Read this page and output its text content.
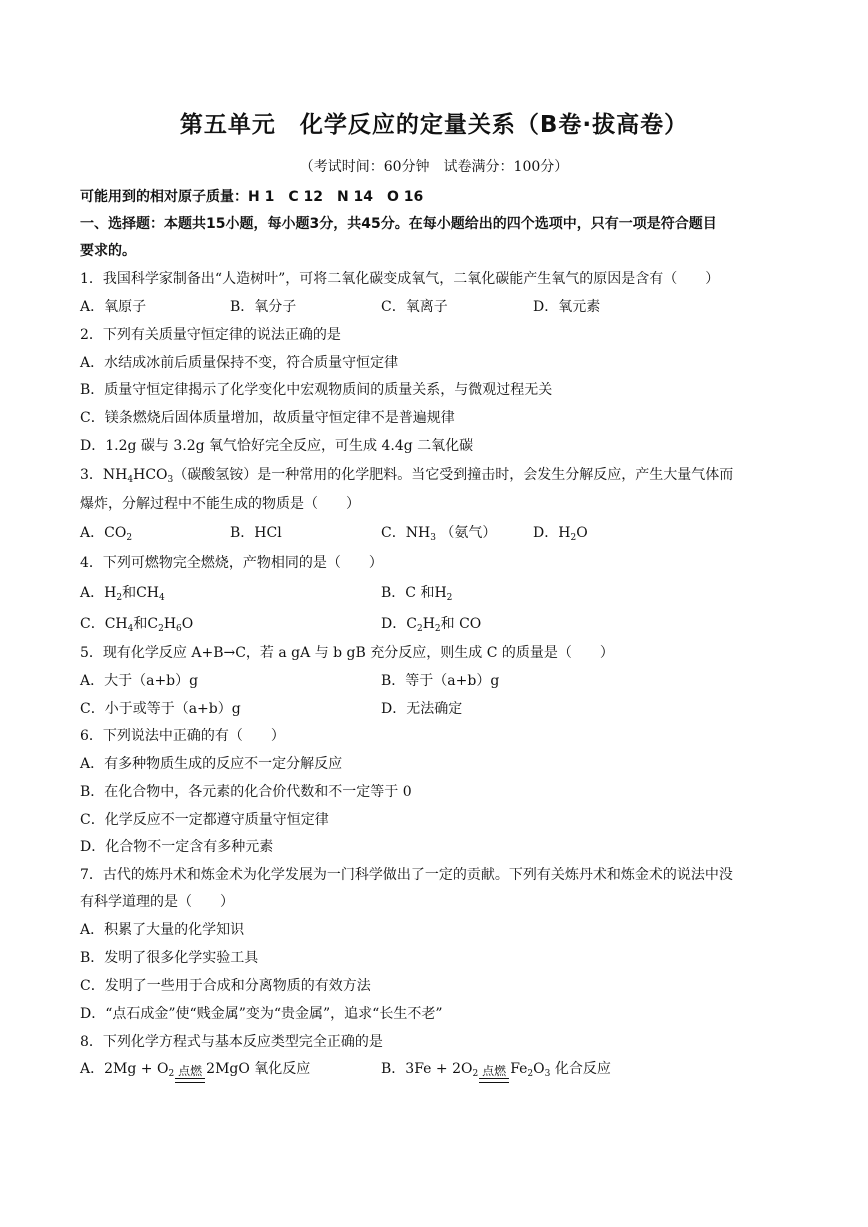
第五单元　化学反应的定量关系（B卷·拔高卷）
（考试时间：60分钟　试卷满分：100分）
可能用到的相对原子质量：H 1　C 12　N 14　O 16
一、选择题：本题共15小题，每小题3分，共45分。在每小题给出的四个选项中，只有一项是符合题目
要求的。
1．我国科学家制备出“人造树叶”，可将二氧化碳变成氧气，二氧化碳能产生氧气的原因是含有（　　）
A．氧原子	B．氧分子	C．氧离子	D．氧元素
2．下列有关质量守恒定律的说法正确的是
A．水结成冰前后质量保持不变，符合质量守恒定律
B．质量守恒定律揭示了化学变化中宏观物质间的质量关系，与微观过程无关
C．镁条燃烧后固体质量增加，故质量守恒定律不是普遍规律
D．1.2g 碳与 3.2g 氧气恰好完全反应，可生成 4.4g 二氧化碳
3．$NH_4HCO_3$（碳酸氢铵）是一种常用的化学肥料。当它受到撞击时，会发生分解反应，产生大量气体而
爆炸，分解过程中不能生成的物质是（　　）
A．$CO_2$	B．HCl	C．$NH_3$ （氨气）	D．$H_2O$
4．下列可燃物完全燃烧，产物相同的是（　　）
A．$H_2$和$CH_4$	B．C 和$H_2$
C．$CH_4$和$C_2H_6O$	D．$C_2H_2$和 CO
5．现有化学反应 A+B→C，若 a gA 与 b gB 充分反应，则生成 C 的质量是（　　）
A．大于（a+b）g	B．等于（a+b）g
C．小于或等于（a+b）g	D．无法确定
6．下列说法中正确的有（　　）
A．有多种物质生成的反应不一定分解反应
B．在化合物中，各元素的化合价代数和不一定等于 0
C．化学反应不一定都遵守质量守恒定律
D．化合物不一定含有多种元素
7．古代的炼丹术和炼金术为化学发展为一门科学做出了一定的贡献。下列有关炼丹术和炼金术的说法中没
有科学道理的是（　　）
A．积累了大量的化学知识
B．发明了很多化学实验工具
C．发明了一些用于合成和分离物质的有效方法
D．“点石成金”使“贱金属”变为“贵金属”，追求“长生不老”
8．下列化学方程式与基本反应类型完全正确的是
A．$2Mg + O_2$ 点燃 2MgO 氧化反应	B．$3Fe + 2O_2$ 点燃 $Fe_2O_3$ 化合反应
